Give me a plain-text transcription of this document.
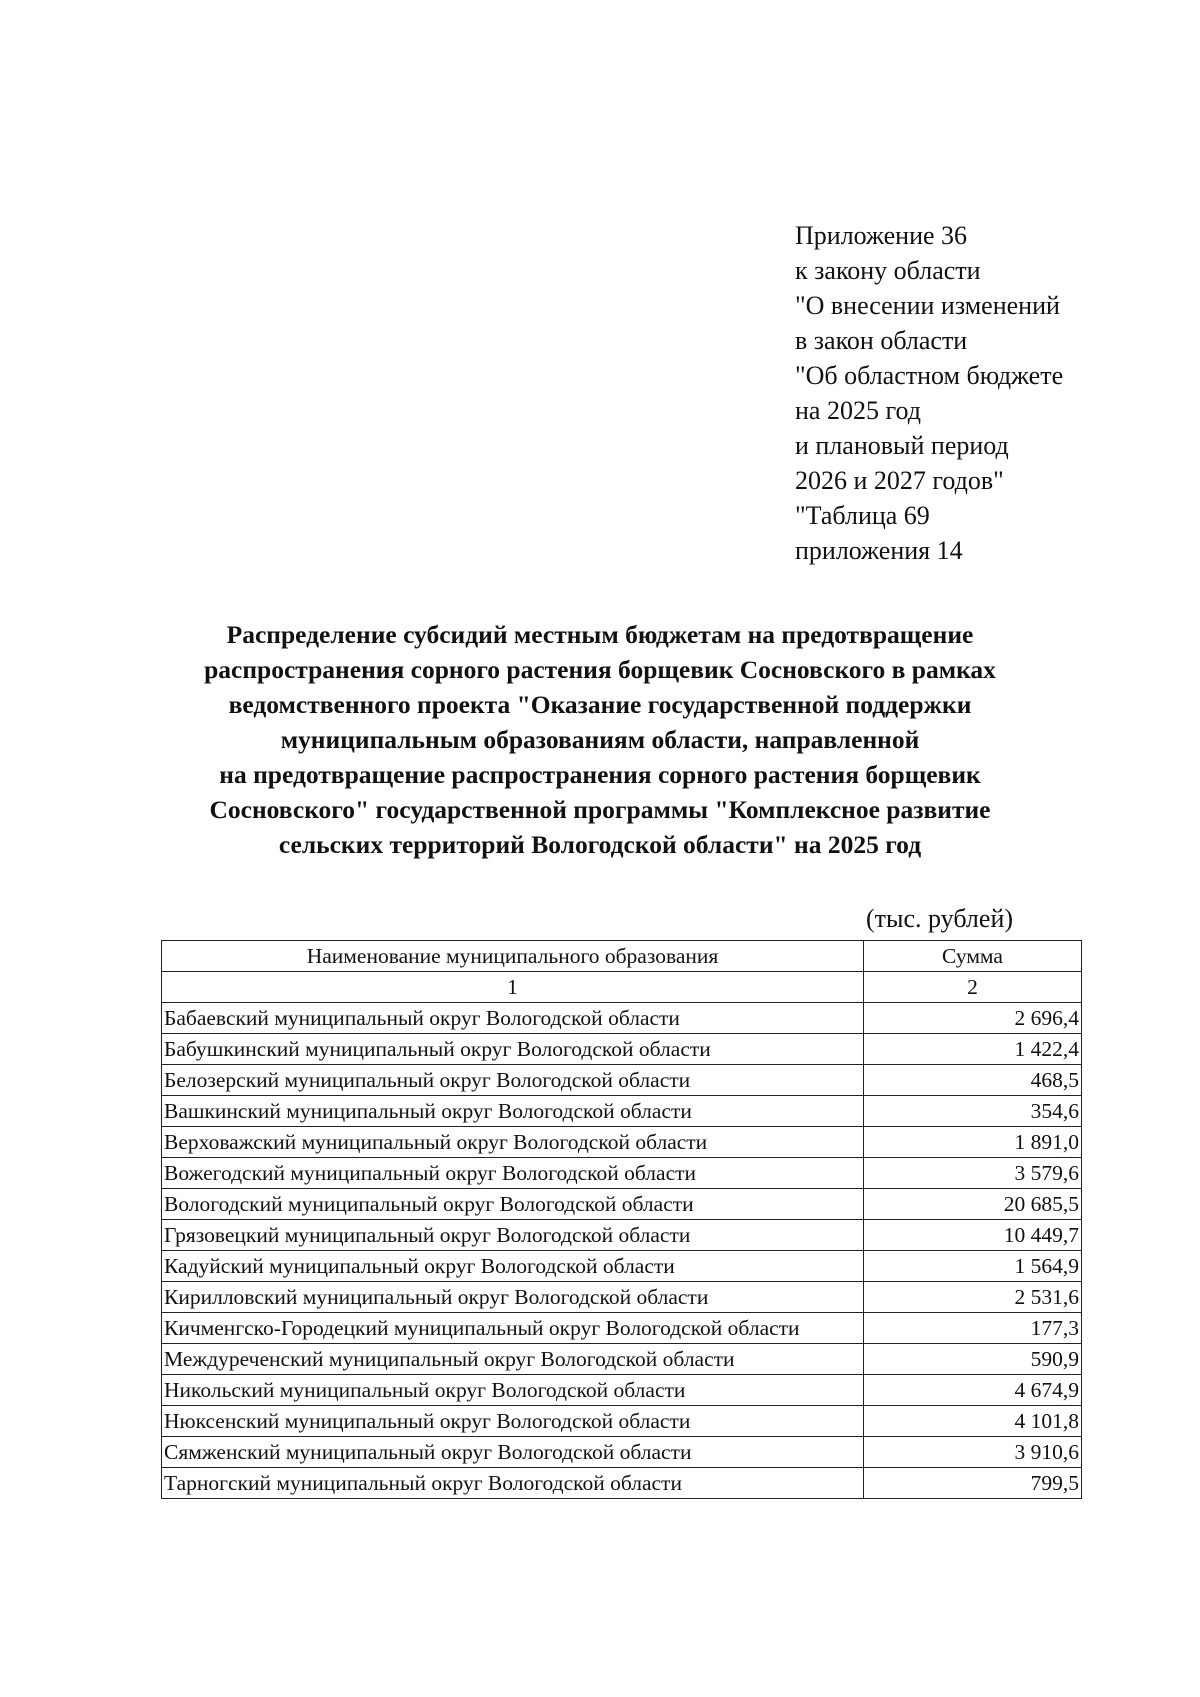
Приложение 36
к закону области
"О внесении изменений
в закон области
"Об областном бюджете
на 2025 год
и плановый период
2026 и 2027 годов"
"Таблица 69
приложения 14
Распределение субсидий местным бюджетам на предотвращение
распространения сорного растения борщевик Сосновского в рамках
ведомственного проекта "Оказание государственной поддержки
муниципальным образованиям области, направленной
на предотвращение распространения сорного растения борщевик
Сосновского" государственной программы "Комплексное развитие
сельских территорий Вологодской области" на 2025 год
(тыс. рублей)
Наименование муниципального образования	Сумма
1	2
Бабаевский муниципальный округ Вологодской области	2 696,4
Бабушкинский муниципальный округ Вологодской области	1 422,4
Белозерский муниципальный округ Вологодской области	468,5
Вашкинский муниципальный округ Вологодской области	354,6
Верховажский муниципальный округ Вологодской области	1 891,0
Вожегодский муниципальный округ Вологодской области	3 579,6
Вологодский муниципальный округ Вологодской области	20 685,5
Грязовецкий муниципальный округ Вологодской области	10 449,7
Кадуйский муниципальный округ Вологодской области	1 564,9
Кирилловский муниципальный округ Вологодской области	2 531,6
Кичменгско-Городецкий муниципальный округ Вологодской области	177,3
Междуреченский муниципальный округ Вологодской области	590,9
Никольский муниципальный округ Вологодской области	4 674,9
Нюксенский муниципальный округ Вологодской области	4 101,8
Сямженский муниципальный округ Вологодской области	3 910,6
Тарногский муниципальный округ Вологодской области	799,5
